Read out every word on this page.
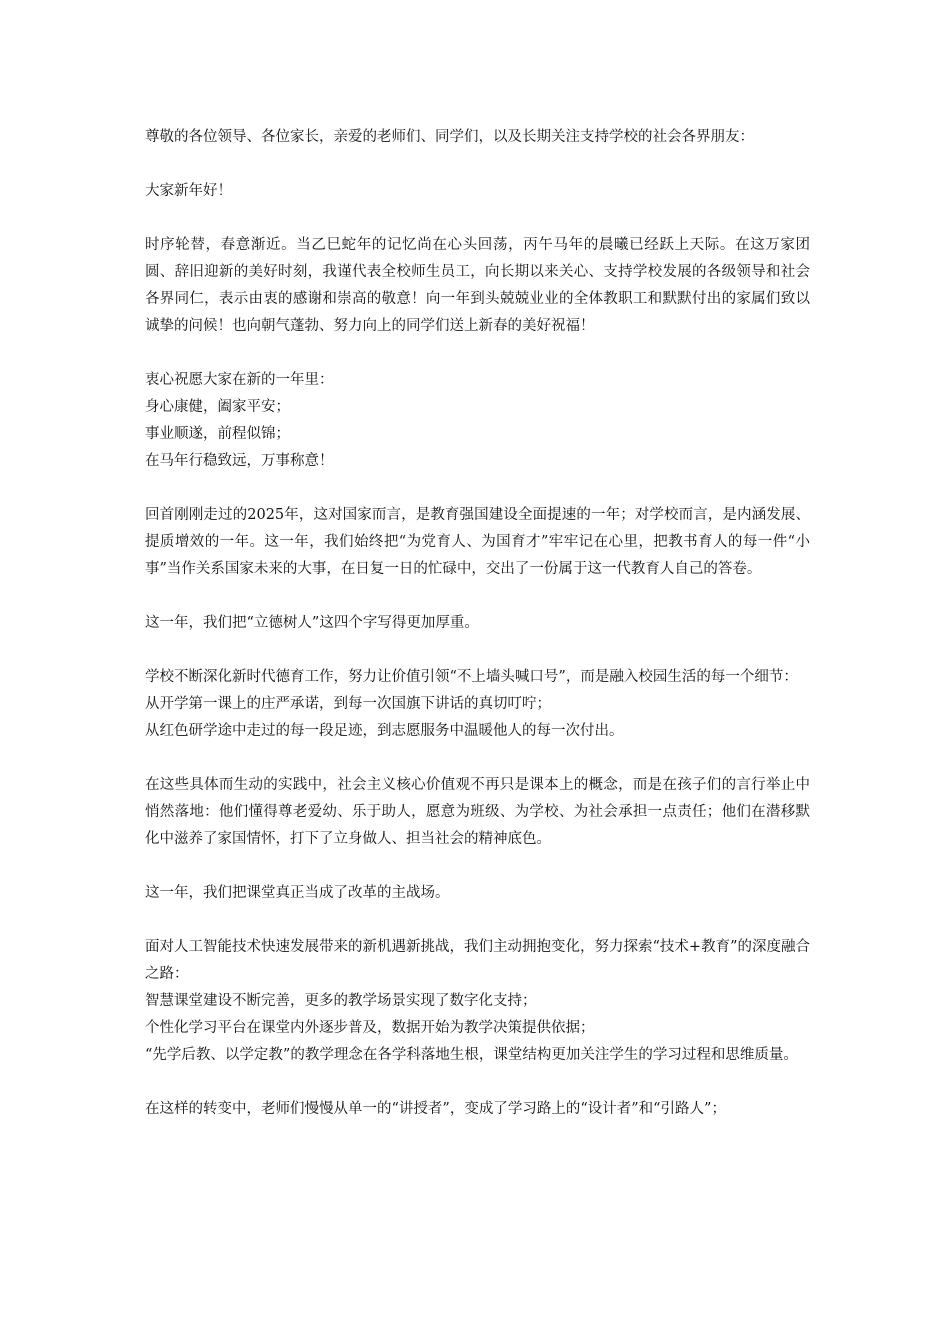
尊敬的各位领导、各位家长，亲爱的老师们、同学们，以及长期关注支持学校的社会各界朋友：

大家新年好！

时序轮替，春意渐近。当乙巳蛇年的记忆尚在心头回荡，丙午马年的晨曦已经跃上天际。在这万家团圆、辞旧迎新的美好时刻，我谨代表全校师生员工，向长期以来关心、支持学校发展的各级领导和社会各界同仁，表示由衷的感谢和崇高的敬意！向一年到头兢兢业业的全体教职工和默默付出的家属们致以诚挚的问候！也向朝气蓬勃、努力向上的同学们送上新春的美好祝福！

衷心祝愿大家在新的一年里：
身心康健，阖家平安；
事业顺遂，前程似锦；
在马年行稳致远，万事称意！

回首刚刚走过的2025年，这对国家而言，是教育强国建设全面提速的一年；对学校而言，是内涵发展、提质增效的一年。这一年，我们始终把“为党育人、为国育才”牢牢记在心里，把教书育人的每一件“小事”当作关系国家未来的大事，在日复一日的忙碌中，交出了一份属于这一代教育人自己的答卷。

这一年，我们把“立德树人”这四个字写得更加厚重。

学校不断深化新时代德育工作，努力让价值引领“不上墙头喊口号”，而是融入校园生活的每一个细节：
从开学第一课上的庄严承诺，到每一次国旗下讲话的真切叮咛；
从红色研学途中走过的每一段足迹，到志愿服务中温暖他人的每一次付出。

在这些具体而生动的实践中，社会主义核心价值观不再只是课本上的概念，而是在孩子们的言行举止中悄然落地：他们懂得尊老爱幼、乐于助人，愿意为班级、为学校、为社会承担一点责任；他们在潜移默化中滋养了家国情怀，打下了立身做人、担当社会的精神底色。

这一年，我们把课堂真正当成了改革的主战场。

面对人工智能技术快速发展带来的新机遇新挑战，我们主动拥抱变化，努力探索“技术+教育”的深度融合之路：
智慧课堂建设不断完善，更多的教学场景实现了数字化支持；
个性化学习平台在课堂内外逐步普及，数据开始为教学决策提供依据；
“先学后教、以学定教”的教学理念在各学科落地生根，课堂结构更加关注学生的学习过程和思维质量。

在这样的转变中，老师们慢慢从单一的“讲授者”，变成了学习路上的“设计者”和“引路人”；
